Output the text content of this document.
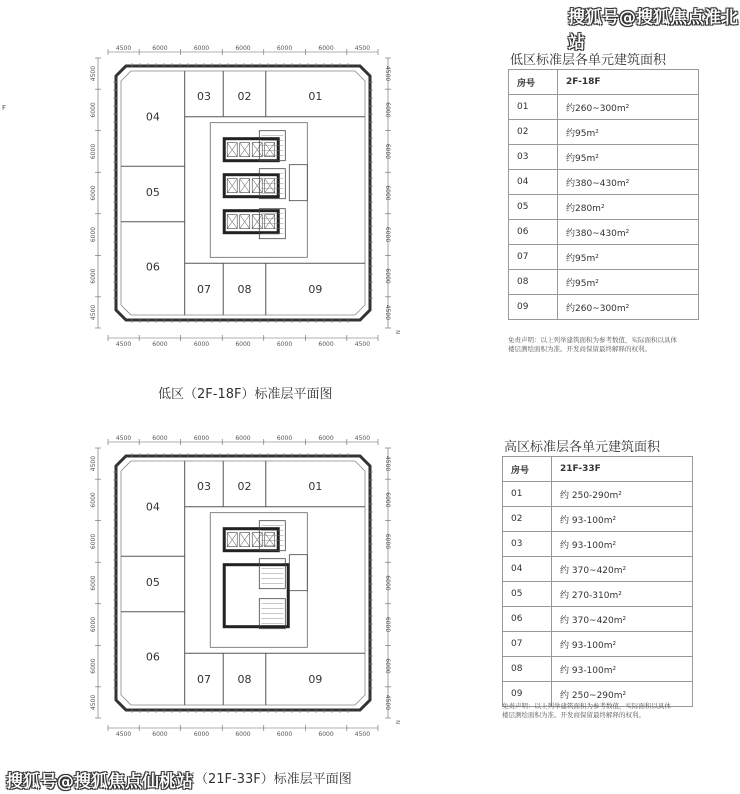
搜狐号@搜狐焦点淮北站
F
4500	6000	6000	6000	6000	6000	4500
4500	6000	6000	6000	6000	6000	4500
4500
6000
6000
6000
6000
6000
4500
4500
6000
6000
6000
6000
6000
4500
N
04
05
06
03 02	01
07 08	09
低区（2F-18F）标准层平面图
低区标准层各单元建筑面积
房号	2F-18F
01	约260~300m²
02	约95m²
03	约95m²
04	约380~430m²
05	约280m²
06	约380~430m²
07	约95m²
08	约95m²
09	约260~300m²
免责声明：以上列举建筑面积为参考数值，实际面积以具体楼层测绘面积为准。开发商保留最终解释的权利。
4500	6000	6000	6000	6000	6000	4500
4500	6000	6000	6000	6000	6000	4500
4500
6000
6000
6000
6000
6000
4500
4500
6000
6000
6000
6000
6000
4500
N
04
05
06
03 02	01
07 08	09
区（21F-33F）标准层平面图
高区标准层各单元建筑面积
房号	21F-33F
01	约 250-290m²
02	约 93-100m²
03	约 93-100m²
04	约 370~420m²
05	约 270-310m²
06	约 370~420m²
07	约 93-100m²
08	约 93-100m²
09	约 250~290m²
免责声明：以上列举建筑面积为参考数值，实际面积以具体楼层测绘面积为准。开发商保留最终解释的权利。
搜狐号@搜狐焦点仙桃站
